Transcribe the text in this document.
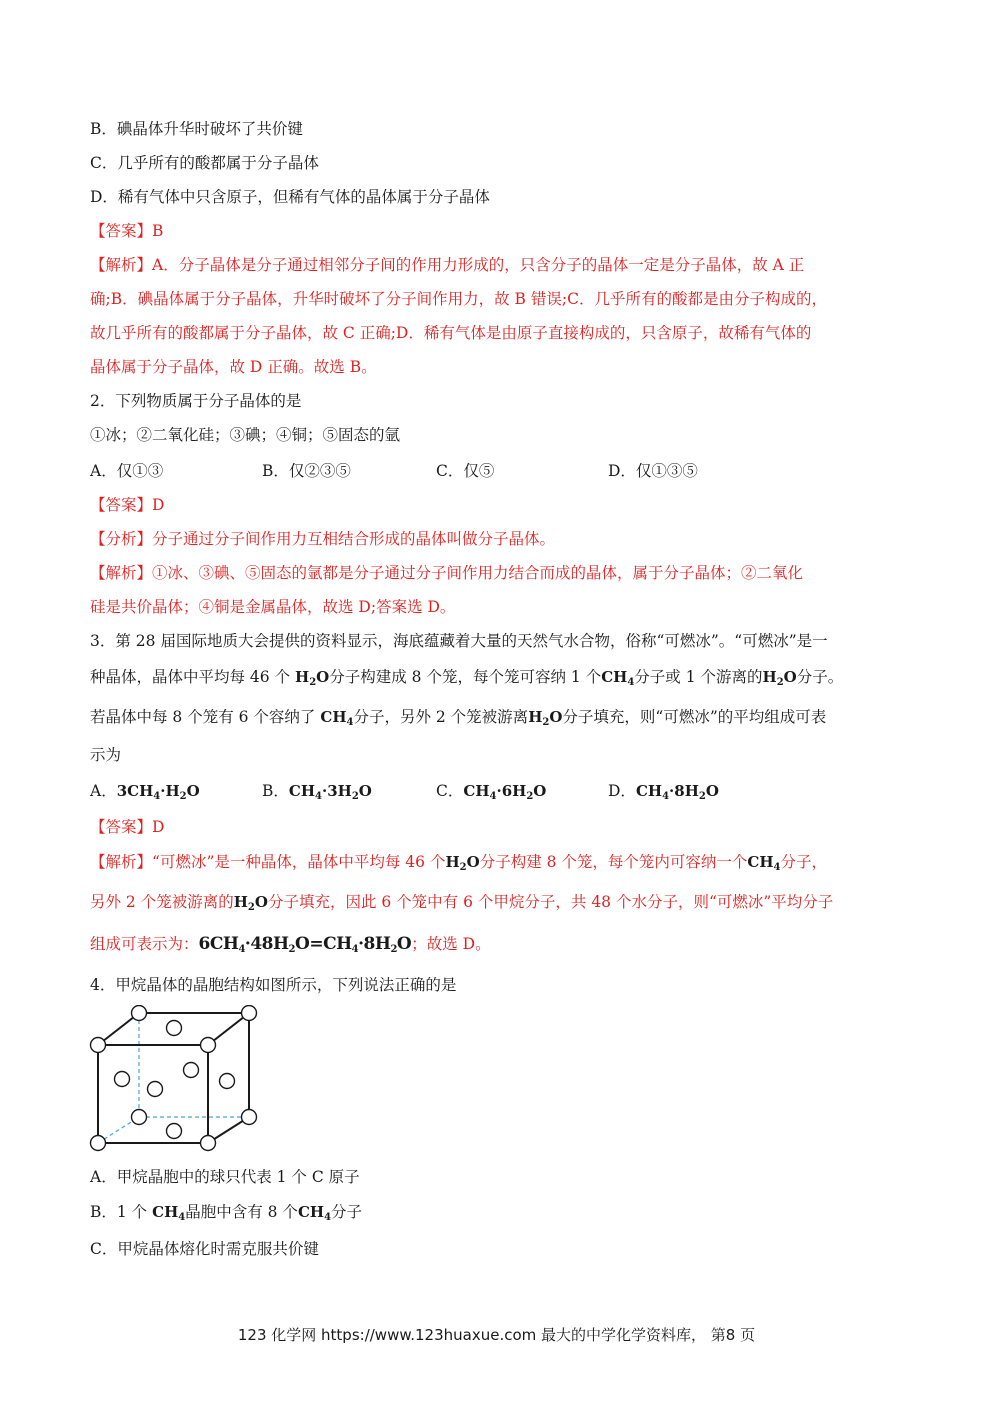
B．碘晶体升华时破坏了共价键
C．几乎所有的酸都属于分子晶体
D．稀有气体中只含原子，但稀有气体的晶体属于分子晶体
【答案】B
【解析】A．分子晶体是分子通过相邻分子间的作用力形成的，只含分子的晶体一定是分子晶体，故 A 正
确;B．碘晶体属于分子晶体，升华时破坏了分子间作用力，故 B 错误;C．几乎所有的酸都是由分子构成的，
故几乎所有的酸都属于分子晶体，故 C 正确;D．稀有气体是由原子直接构成的，只含原子，故稀有气体的
晶体属于分子晶体，故 D 正确。故选 B。
2．下列物质属于分子晶体的是
①冰；②二氧化硅；③碘；④铜；⑤固态的氩
A．仅①③	B．仅②③⑤	C．仅⑤	D．仅①③⑤
【答案】D
【分析】分子通过分子间作用力互相结合形成的晶体叫做分子晶体。
【解析】①冰、③碘、⑤固态的氩都是分子通过分子间作用力结合而成的晶体，属于分子晶体；②二氧化
硅是共价晶体；④铜是金属晶体，故选 D;答案选 D。
3．第 28 届国际地质大会提供的资料显示，海底蕴藏着大量的天然气水合物，俗称“可燃冰”。“可燃冰”是一
种晶体，晶体中平均每 46 个 $H_2O$分子构建成 8 个笼，每个笼可容纳 1 个$CH_4$分子或 1 个游离的$H_2O$分子。
若晶体中每 8 个笼有 6 个容纳了 $CH_4$分子，另外 2 个笼被游离$H_2O$分子填充，则“可燃冰”的平均组成可表
示为
A．$3CH_4\cdot H_2O$	B．$CH_4\cdot 3H_2O$	C．$CH_4\cdot 6H_2O$	D．$CH_4\cdot 8H_2O$
【答案】D
【解析】“可燃冰”是一种晶体，晶体中平均每 46 个$H_2O$分子构建 8 个笼，每个笼内可容纳一个$CH_4$分子，
另外 2 个笼被游离的$H_2O$分子填充，因此 6 个笼中有 6 个甲烷分子，共 48 个水分子，则“可燃冰”平均分子
组成可表示为：$6CH_4\cdot 48H_2O=CH_4\cdot 8H_2O$；故选 D。
4．甲烷晶体的晶胞结构如图所示，下列说法正确的是
A．甲烷晶胞中的球只代表 1 个 C 原子
B．1 个 $CH_4$晶胞中含有 8 个$CH_4$分子
C．甲烷晶体熔化时需克服共价键
123 化学网 https://www.123huaxue.com 最大的中学化学资料库， 第8 页
